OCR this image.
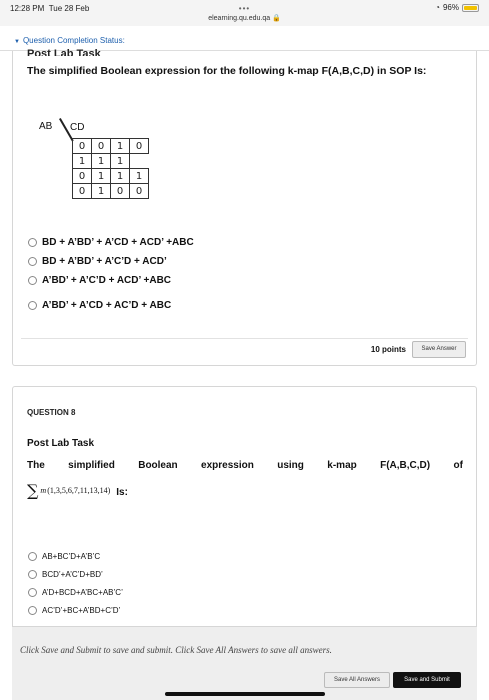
12:28 PM Tue 28 Feb	•••
elearning.qu.edu.qa 🔒
◔ 96%
▼ Question Completion Status:
Post Lab Task
The simplified Boolean expression for the following k-map F(A,B,C,D) in SOP Is:
AB CD
0	0	1	0
1	1	1	
0	1	1	1
0	1	0	0
BD + A’BD’ + A’CD + ACD’ +ABC
BD + A’BD’ + A’C’D + ACD’
A’BD’ + A’C’D + ACD’ +ABC
A’BD’ + A’CD + AC’D + ABC
10 points	Save Answer
QUESTION 8
Post Lab Task
The simplified Boolean expression using k-map F(A,B,C,D) of
∑ m (1,3,5,6,7,11,13,14) Is:
AB+BC’D+A’B’C
BCD’+A’C’D+BD’
A’D+BCD+A’BC+AB’C’
AC’D’+BC+A’BD+C’D’
Click Save and Submit to save and submit. Click Save All Answers to save all answers.
Save All Answers	Save and Submit
